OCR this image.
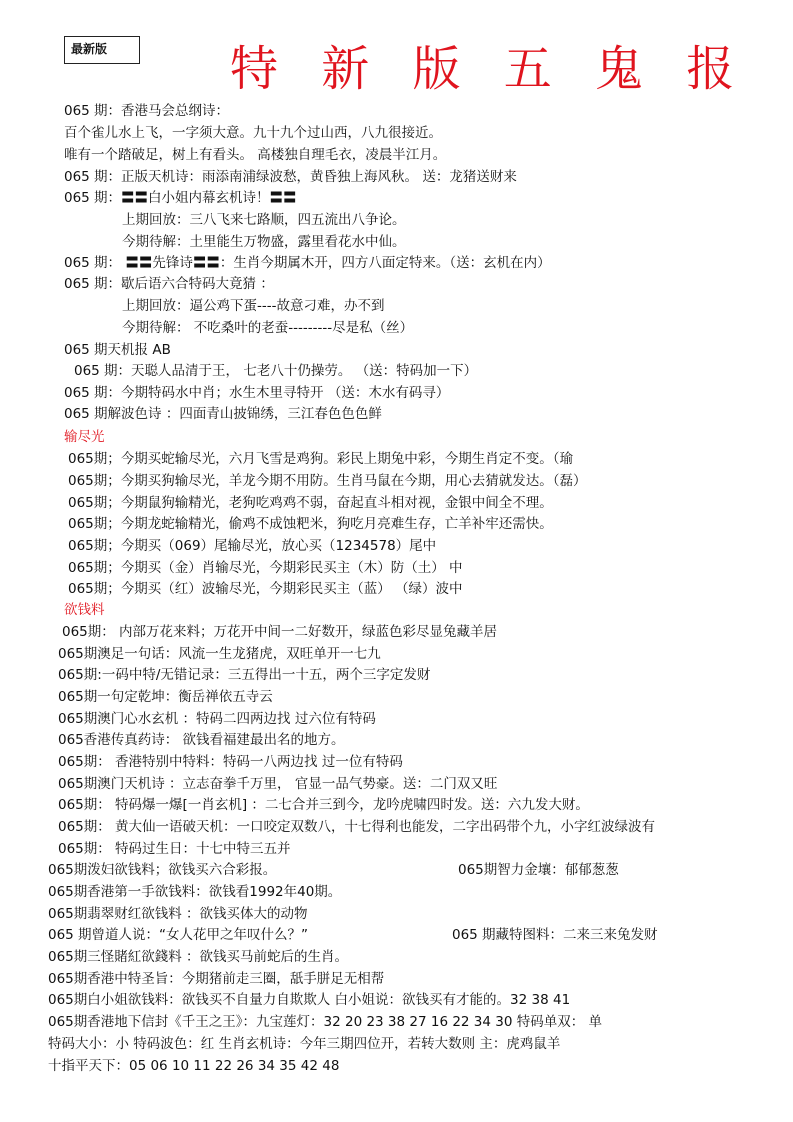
最新版	特 新 版 五 鬼 报
065 期：香港马会总纲诗：
百个雀儿水上飞，一字须大意。九十九个过山西，八九很接近。
唯有一个踏破足，树上有看头。 高楼独自理毛衣，凌晨半江月。
065 期：正版天机诗：雨添南浦绿波愁，黄昏独上海风秋。 送：龙猪送财来
065 期：〓〓白小姐内幕玄机诗！〓〓
上期回放：三八飞来七路顺，四五流出八争论。
今期待解：土里能生万物盛，露里看花水中仙。
065 期： 〓〓先锋诗〓〓：生肖今期属木开，四方八面定特来。（送：玄机在内）
065 期：歇后语六合特码大竟猜 ：
上期回放：逼公鸡下蛋----故意刁难，办不到
今期待解： 不吃桑叶的老蚕---------尽是私（丝）
065 期天机报 AB
065 期：天聪人品清于王， 七老八十仍操劳。 （送：特码加一下）
065 期：今期特码水中肖；水生木里寻特开 （送：木水有码寻）
065 期解波色诗 ：四面青山披锦绣，三江春色色色鲜
输尽光
065期；今期买蛇输尽光，六月飞雪是鸡狗。彩民上期兔中彩，今期生肖定不变。（瑜
065期；今期买狗输尽光，羊龙今期不用防。生肖马鼠在今期，用心去猜就发达。（磊）
065期；今期鼠狗输精光，老狗吃鸡鸡不弱，奋起直斗相对视，金银中间全不理。
065期；今期龙蛇输精光，偷鸡不成蚀粑米，狗吃月亮难生存，亡羊补牢还需快。
065期；今期买（069）尾输尽光，放心买（1234578）尾中
065期；今期买（金）肖输尽光，今期彩民买主（木）防（土） 中
065期；今期买（红）波输尽光，今期彩民买主（蓝） （绿）波中
欲钱料
065期： 内部万花来料；万花开中间一二好数开，绿蓝色彩尽显兔藏羊居
065期澳足一句话：风流一生龙猪虎，双旺单开一七九
065期:一码中特/无错记录：三五得出一十五，两个三字定发财
065期一句定乾坤：衡岳禅依五寺云
065期澳门心水玄机 ：特码二四两边找 过六位有特码
065香港传真药诗： 欲钱看福建最出名的地方。
065期： 香港特别中特料：特码一八两边找 过一位有特码
065期澳门天机诗 ：立志奋拳千万里， 官显一品气势豪。送：二门双又旺
065期： 特码爆一爆[一肖玄机] ：二七合并三到今，龙吟虎啸四时发。送：六九发大财。
065期： 黄大仙一语破天机：一口咬定双数八，十七得利也能发，二字出码带个九，小字红波绿波有
065期： 特码过生日：十七中特三五并
065期泼妇欲钱料；欲钱买六合彩报。	065期智力金壤：郁郁葱葱
065期香港第一手欲钱料：欲钱看1992年40期。
065期翡翠财红欲钱料 ：欲钱买体大的动物
065 期曾道人说：“女人花甲之年叹什么？”	065 期藏特图料：二来三来兔发财
065期三怪賭紅欲錢料 ：欲钱买马前蛇后的生肖。
065期香港中特圣旨：今期猪前走三圈，舐手胼足无相帮
065期白小姐欲钱料：欲钱买不自量力自欺欺人 白小姐说：欲钱买有才能的。32 38 41
065期香港地下信封《千王之王》：九宝莲灯：32 20 23 38 27 16 22 34 30 特码单双： 单
特码大小：小 特码波色：红 生肖玄机诗：今年三期四位开，若转大数则 主：虎鸡鼠羊
十指平天下：05 06 10 11 22 26 34 35 42 48
